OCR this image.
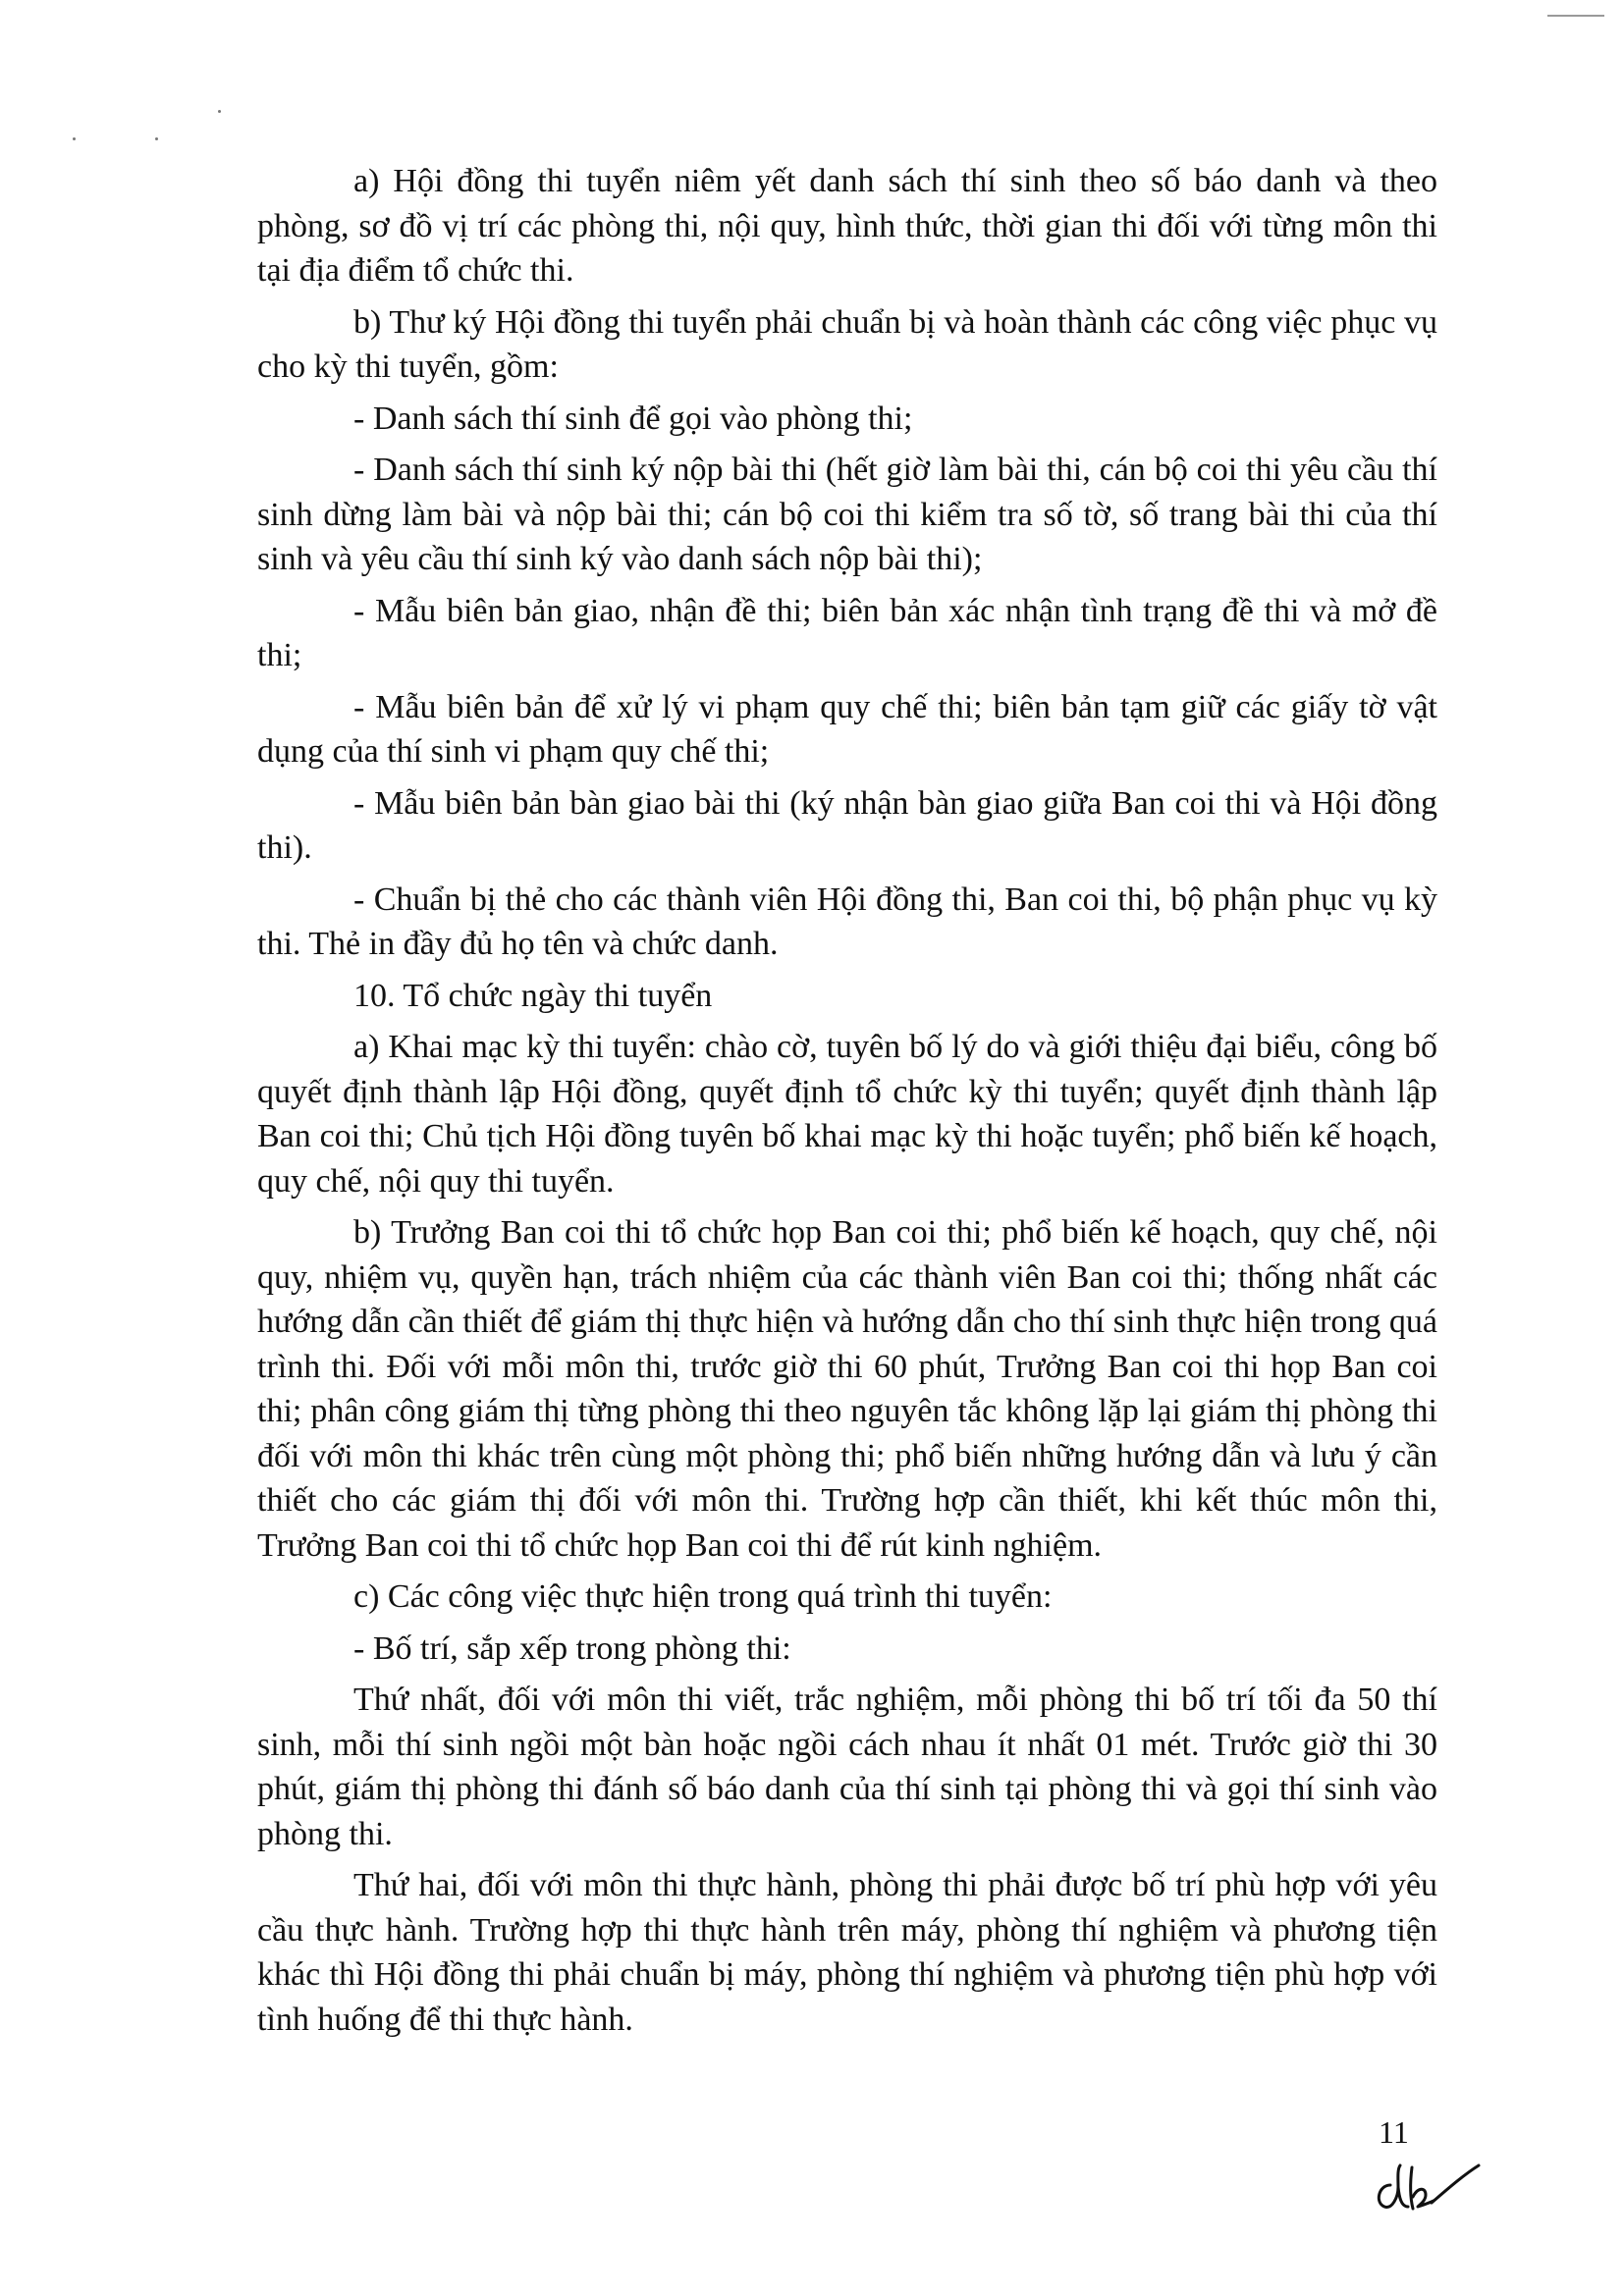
a) Hội đồng thi tuyển niêm yết danh sách thí sinh theo số báo danh và theo phòng, sơ đồ vị trí các phòng thi, nội quy, hình thức, thời gian thi đối với từng môn thi tại địa điểm tổ chức thi.

b) Thư ký Hội đồng thi tuyển phải chuẩn bị và hoàn thành các công việc phục vụ cho kỳ thi tuyển, gồm:

- Danh sách thí sinh để gọi vào phòng thi;

- Danh sách thí sinh ký nộp bài thi (hết giờ làm bài thi, cán bộ coi thi yêu cầu thí sinh dừng làm bài và nộp bài thi; cán bộ coi thi kiểm tra số tờ, số trang bài thi của thí sinh và yêu cầu thí sinh ký vào danh sách nộp bài thi);

- Mẫu biên bản giao, nhận đề thi; biên bản xác nhận tình trạng đề thi và mở đề thi;

- Mẫu biên bản để xử lý vi phạm quy chế thi; biên bản tạm giữ các giấy tờ vật dụng của thí sinh vi phạm quy chế thi;

- Mẫu biên bản bàn giao bài thi (ký nhận bàn giao giữa Ban coi thi và Hội đồng thi).

- Chuẩn bị thẻ cho các thành viên Hội đồng thi, Ban coi thi, bộ phận phục vụ kỳ thi. Thẻ in đầy đủ họ tên và chức danh.

10. Tổ chức ngày thi tuyển

a) Khai mạc kỳ thi tuyển: chào cờ, tuyên bố lý do và giới thiệu đại biểu, công bố quyết định thành lập Hội đồng, quyết định tổ chức kỳ thi tuyển; quyết định thành lập Ban coi thi; Chủ tịch Hội đồng tuyên bố khai mạc kỳ thi hoặc tuyển; phổ biến kế hoạch, quy chế, nội quy thi tuyển.

b) Trưởng Ban coi thi tổ chức họp Ban coi thi; phổ biến kế hoạch, quy chế, nội quy, nhiệm vụ, quyền hạn, trách nhiệm của các thành viên Ban coi thi; thống nhất các hướng dẫn cần thiết để giám thị thực hiện và hướng dẫn cho thí sinh thực hiện trong quá trình thi. Đối với mỗi môn thi, trước giờ thi 60 phút, Trưởng Ban coi thi họp Ban coi thi; phân công giám thị từng phòng thi theo nguyên tắc không lặp lại giám thị phòng thi đối với môn thi khác trên cùng một phòng thi; phổ biến những hướng dẫn và lưu ý cần thiết cho các giám thị đối với môn thi. Trường hợp cần thiết, khi kết thúc môn thi, Trưởng Ban coi thi tổ chức họp Ban coi thi để rút kinh nghiệm.

c) Các công việc thực hiện trong quá trình thi tuyển:

- Bố trí, sắp xếp trong phòng thi:

Thứ nhất, đối với môn thi viết, trắc nghiệm, mỗi phòng thi bố trí tối đa 50 thí sinh, mỗi thí sinh ngồi một bàn hoặc ngồi cách nhau ít nhất 01 mét. Trước giờ thi 30 phút, giám thị phòng thi đánh số báo danh của thí sinh tại phòng thi và gọi thí sinh vào phòng thi.

Thứ hai, đối với môn thi thực hành, phòng thi phải được bố trí phù hợp với yêu cầu thực hành. Trường hợp thi thực hành trên máy, phòng thí nghiệm và phương tiện khác thì Hội đồng thi phải chuẩn bị máy, phòng thí nghiệm và phương tiện phù hợp với tình huống để thi thực hành.

11
